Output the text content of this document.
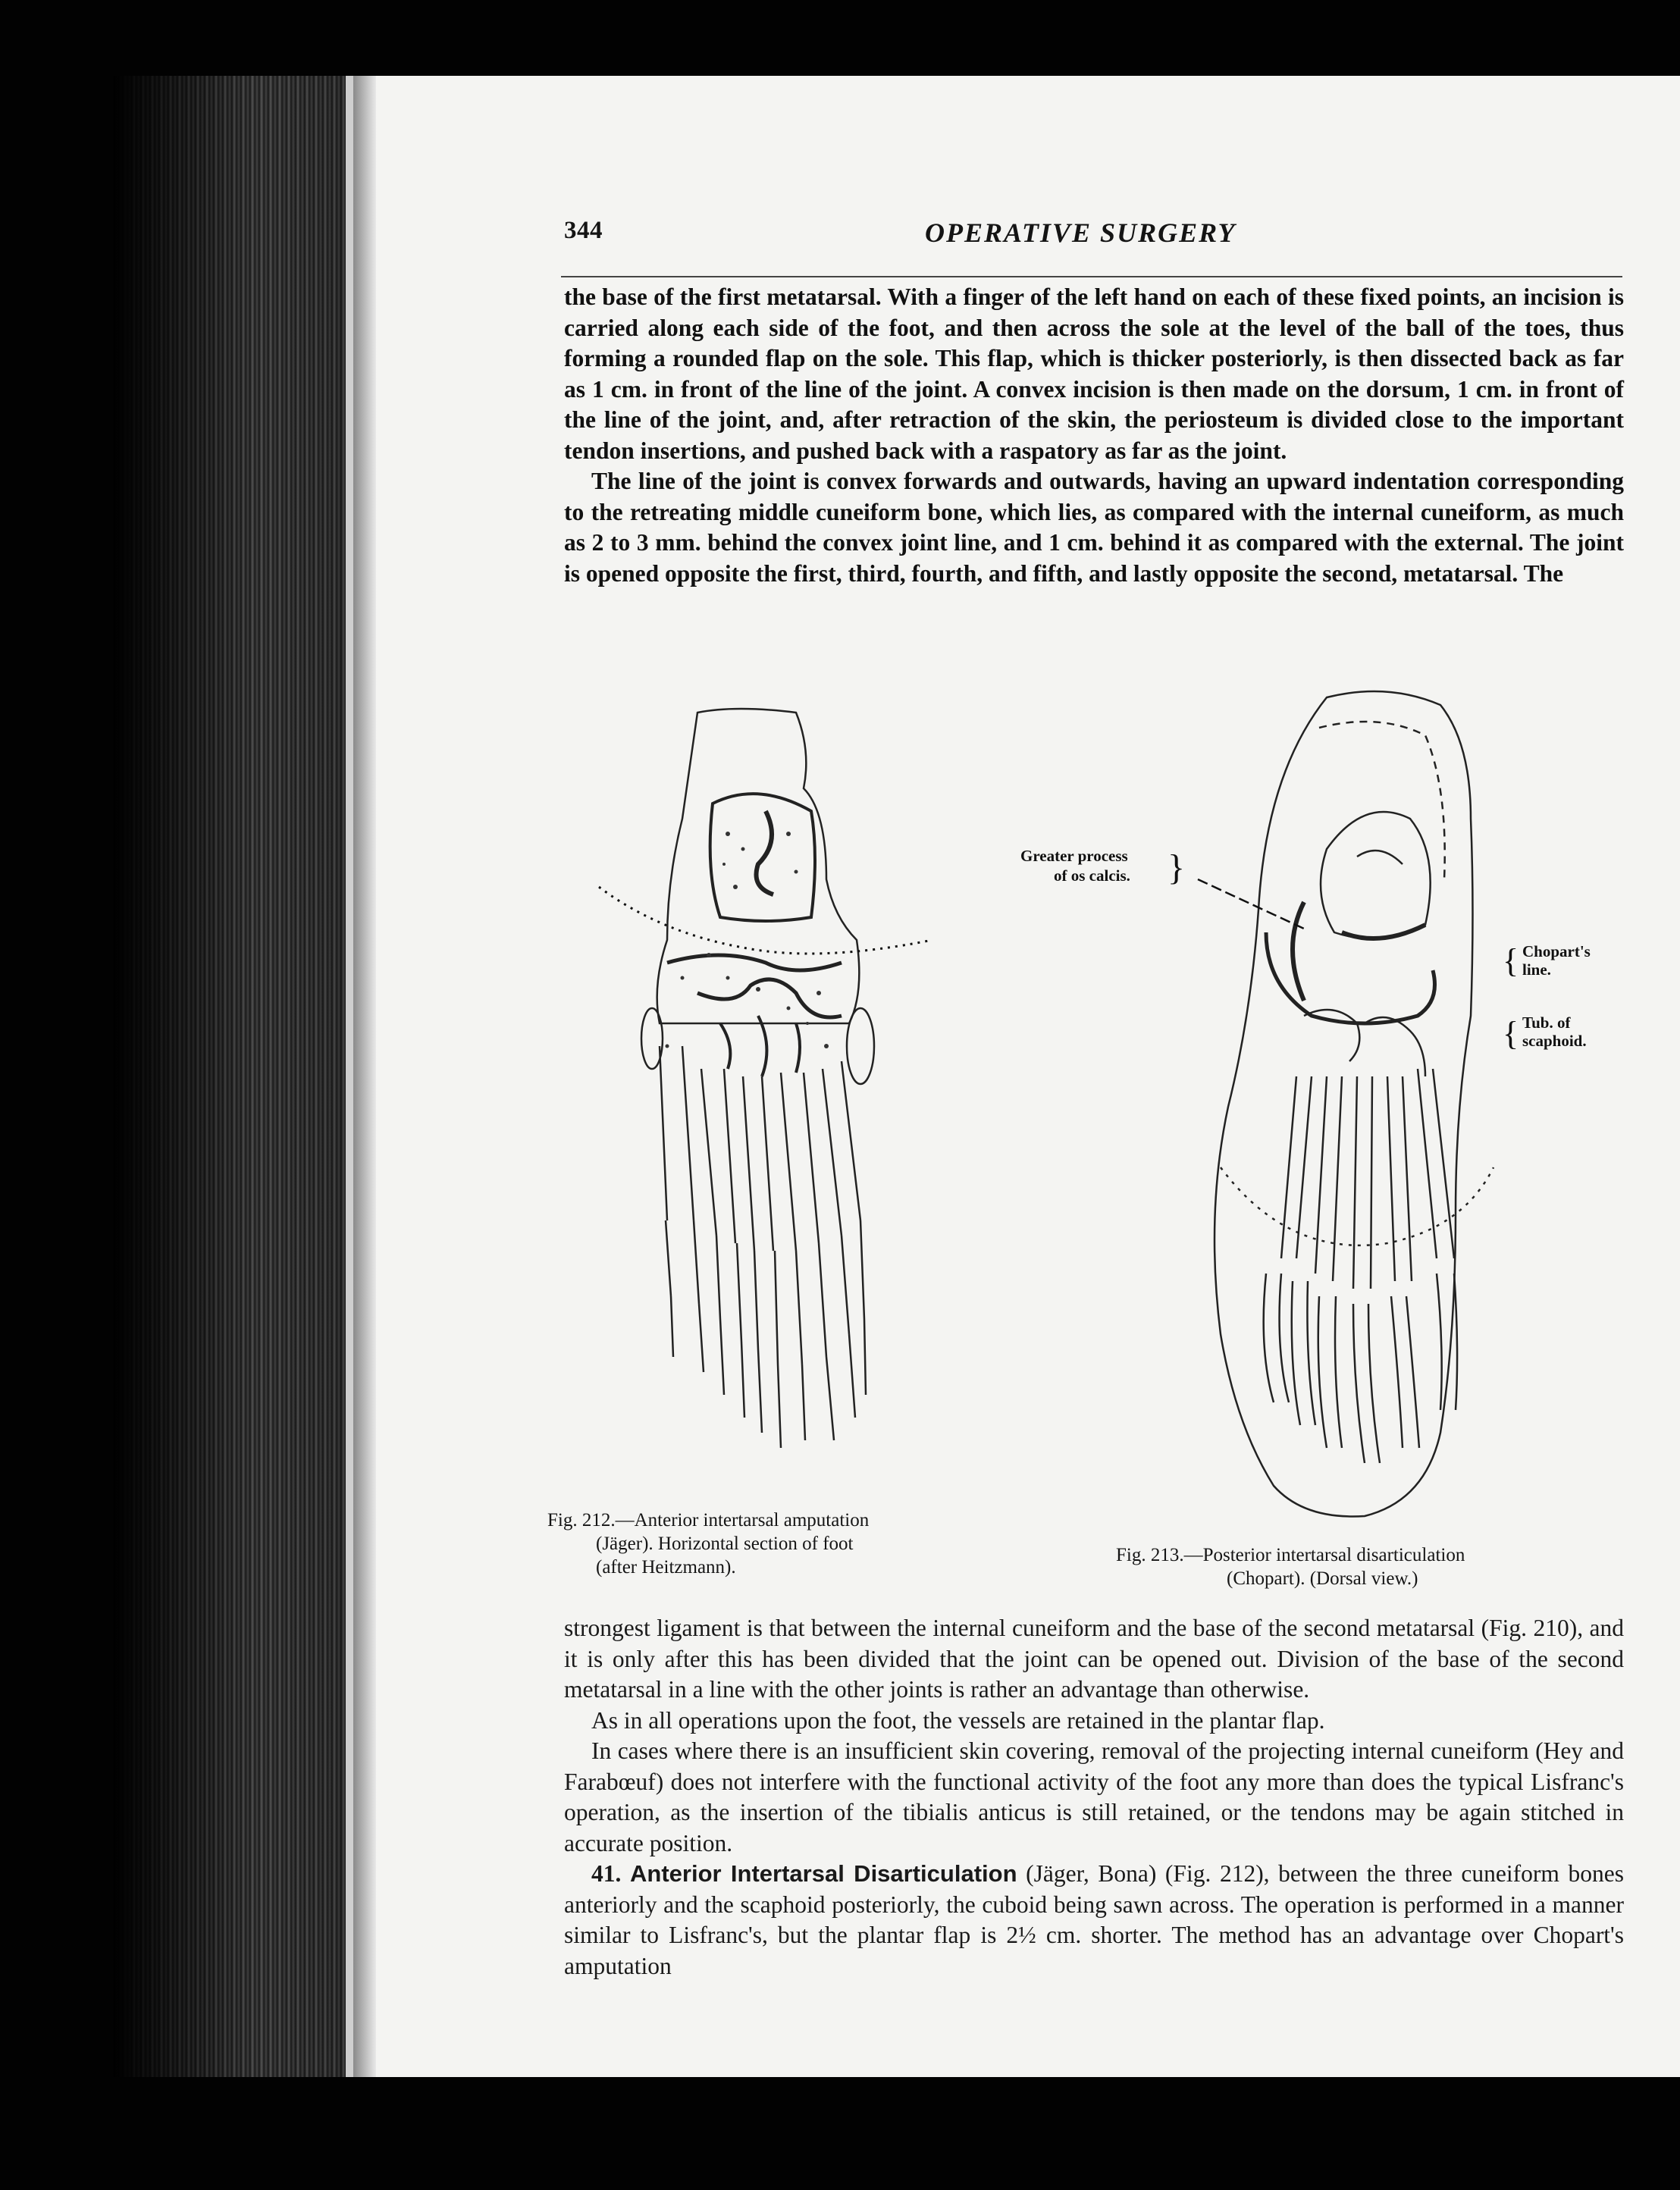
344	OPERATIVE SURGERY

the base of the first metatarsal. With a finger of the left hand on each of these fixed points, an incision is carried along each side of the foot, and then across the sole at the level of the ball of the toes, thus forming a rounded flap on the sole. This flap, which is thicker posteriorly, is then dissected back as far as 1 cm. in front of the line of the joint. A convex incision is then made on the dorsum, 1 cm. in front of the line of the joint, and, after retraction of the skin, the periosteum is divided close to the important tendon insertions, and pushed back with a raspatory as far as the joint.

The line of the joint is convex forwards and outwards, having an upward indentation corresponding to the retreating middle cuneiform bone, which lies, as compared with the internal cuneiform, as much as 2 to 3 mm. behind the convex joint line, and 1 cm. behind it as compared with the external. The joint is opened opposite the first, third, fourth, and fifth, and lastly opposite the second, metatarsal. The

Greater process
of os calcis. }
{ Chopart's
line.
{ Tub. of
scaphoid.
Fig. 212.—Anterior intertarsal amputation
(Jäger). Horizontal section of foot
(after Heitzmann).
Fig. 213.—Posterior intertarsal disarticulation
(Chopart). (Dorsal view.)

strongest ligament is that between the internal cuneiform and the base of the second metatarsal (Fig. 210), and it is only after this has been divided that the joint can be opened out. Division of the base of the second metatarsal in a line with the other joints is rather an advantage than otherwise.

As in all operations upon the foot, the vessels are retained in the plantar flap.

In cases where there is an insufficient skin covering, removal of the projecting internal cuneiform (Hey and Farabœuf) does not interfere with the functional activity of the foot any more than does the typical Lisfranc's operation, as the insertion of the tibialis anticus is still retained, or the tendons may be again stitched in accurate position.

41. Anterior Intertarsal Disarticulation (Jäger, Bona) (Fig. 212), between the three cuneiform bones anteriorly and the scaphoid posteriorly, the cuboid being sawn across. The operation is performed in a manner similar to Lisfranc's, but the plantar flap is 2½ cm. shorter. The method has an advantage over Chopart's amputation
